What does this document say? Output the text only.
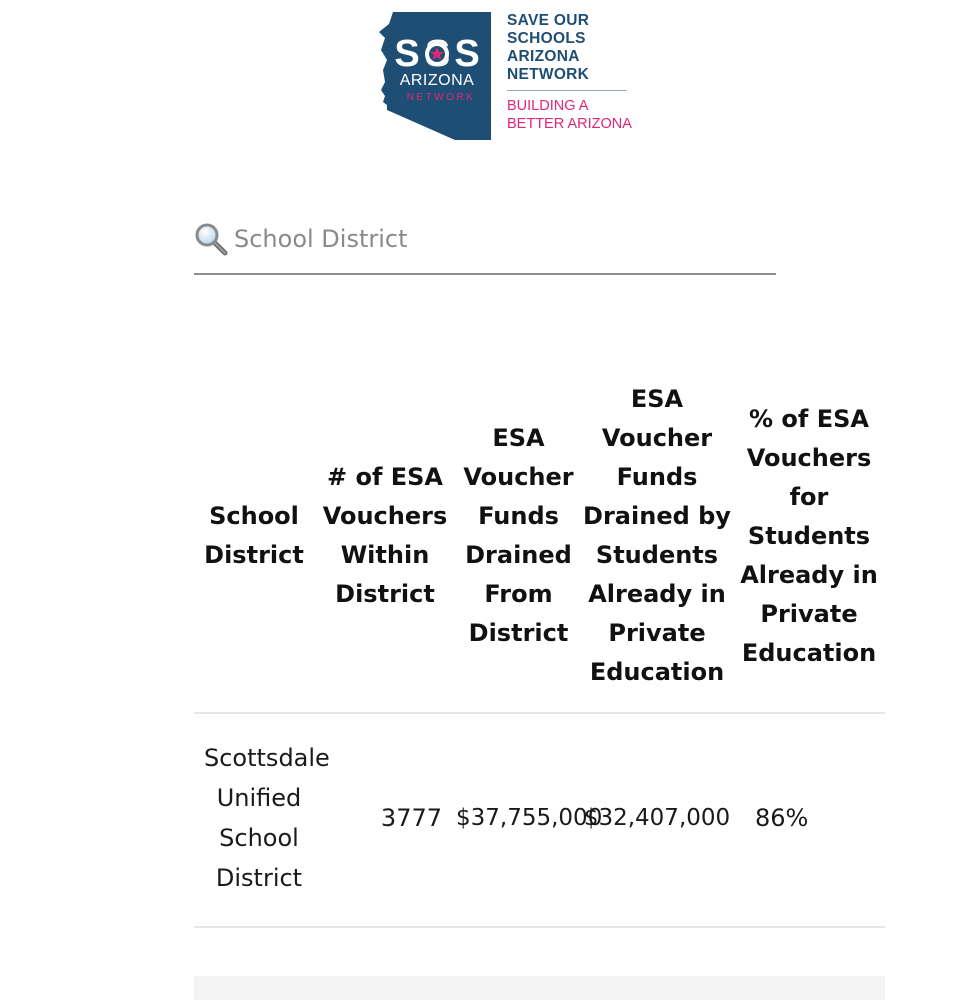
S S
ARIZONA
NETWORK
SAVE OUR
SCHOOLS
ARIZONA
NETWORK
BUILDING A
BETTER ARIZONA
School District
School District	# of ESA Vouchers Within District	ESA Voucher Funds Drained From District	ESA Voucher Funds Drained by Students Already in Private Education	% of ESA Vouchers for Students Already in Private Education
Scottsdale Unified School District	3777	$37,755,000	$32,407,000	86%
